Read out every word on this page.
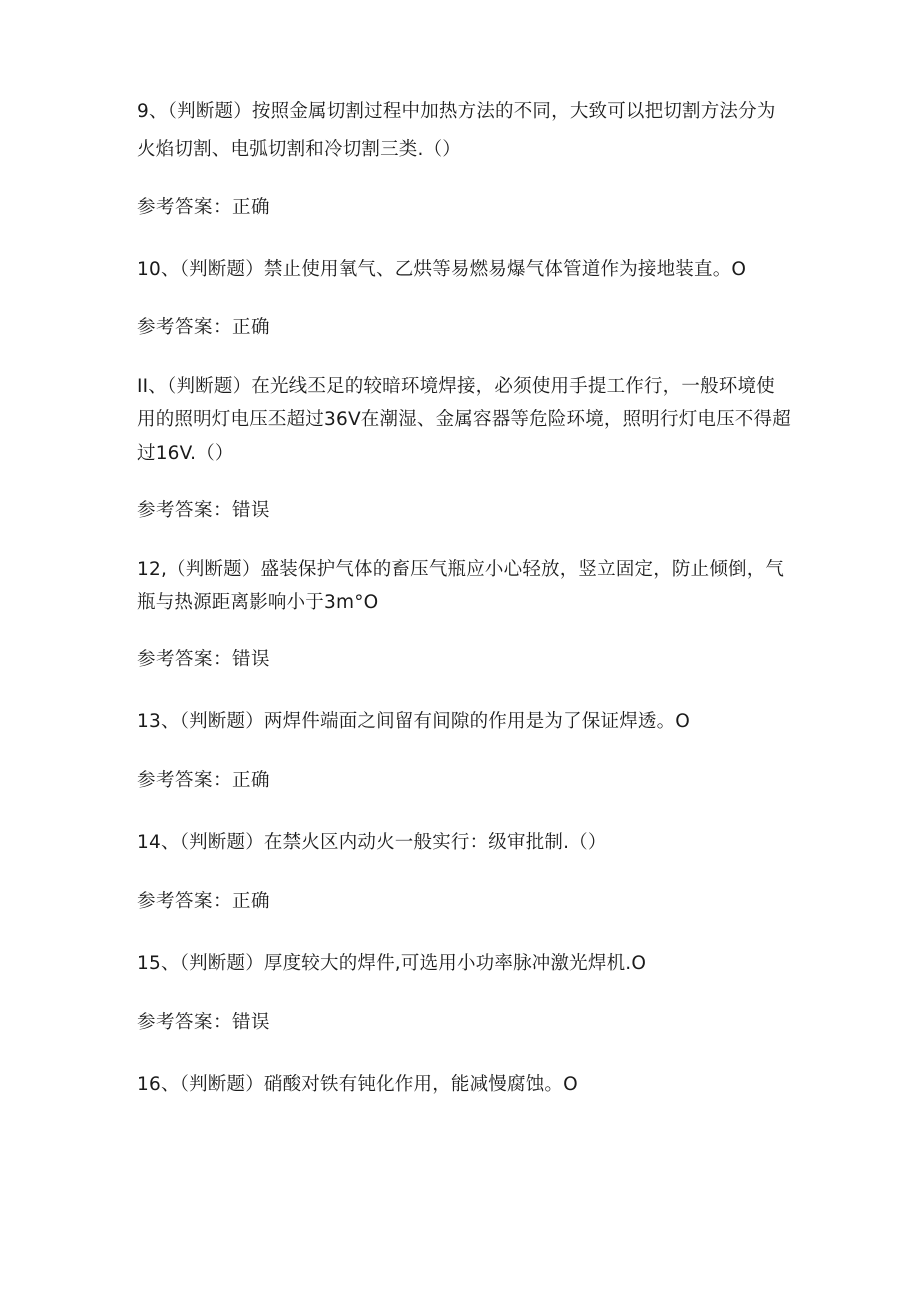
9、（判断题）按照金属切割过程中加热方法的不同，大致可以把切割方法分为
火焰切割、电弧切割和冷切割三类.（）
参考答案：正确
10、（判断题）禁止使用氧气、乙烘等易燃易爆气体管道作为接地装直。O
参考答案：正确
II、（判断题）在光线丕足的较暗环境焊接，必须使用手提工作行，一般环境使
用的照明灯电压丕超过36V在潮湿、金属容器等危险环境，照明行灯电压不得超
过16V.（）
参考答案：错误
12,（判断题）盛装保护气体的畜压气瓶应小心轻放，竖立固定，防止倾倒，气
瓶与热源距离影响小于3m°O
参考答案：错误
13、（判断题）两焊件端面之间留有间隙的作用是为了保证焊透。O
参考答案：正确
14、（判断题）在禁火区内动火一般实行：级审批制.（）
参考答案：正确
15、（判断题）厚度较大的焊件,可选用小功率脉冲激光焊机.O
参考答案：错误
16、（判断题）硝酸对铁有钝化作用，能减慢腐蚀。O
